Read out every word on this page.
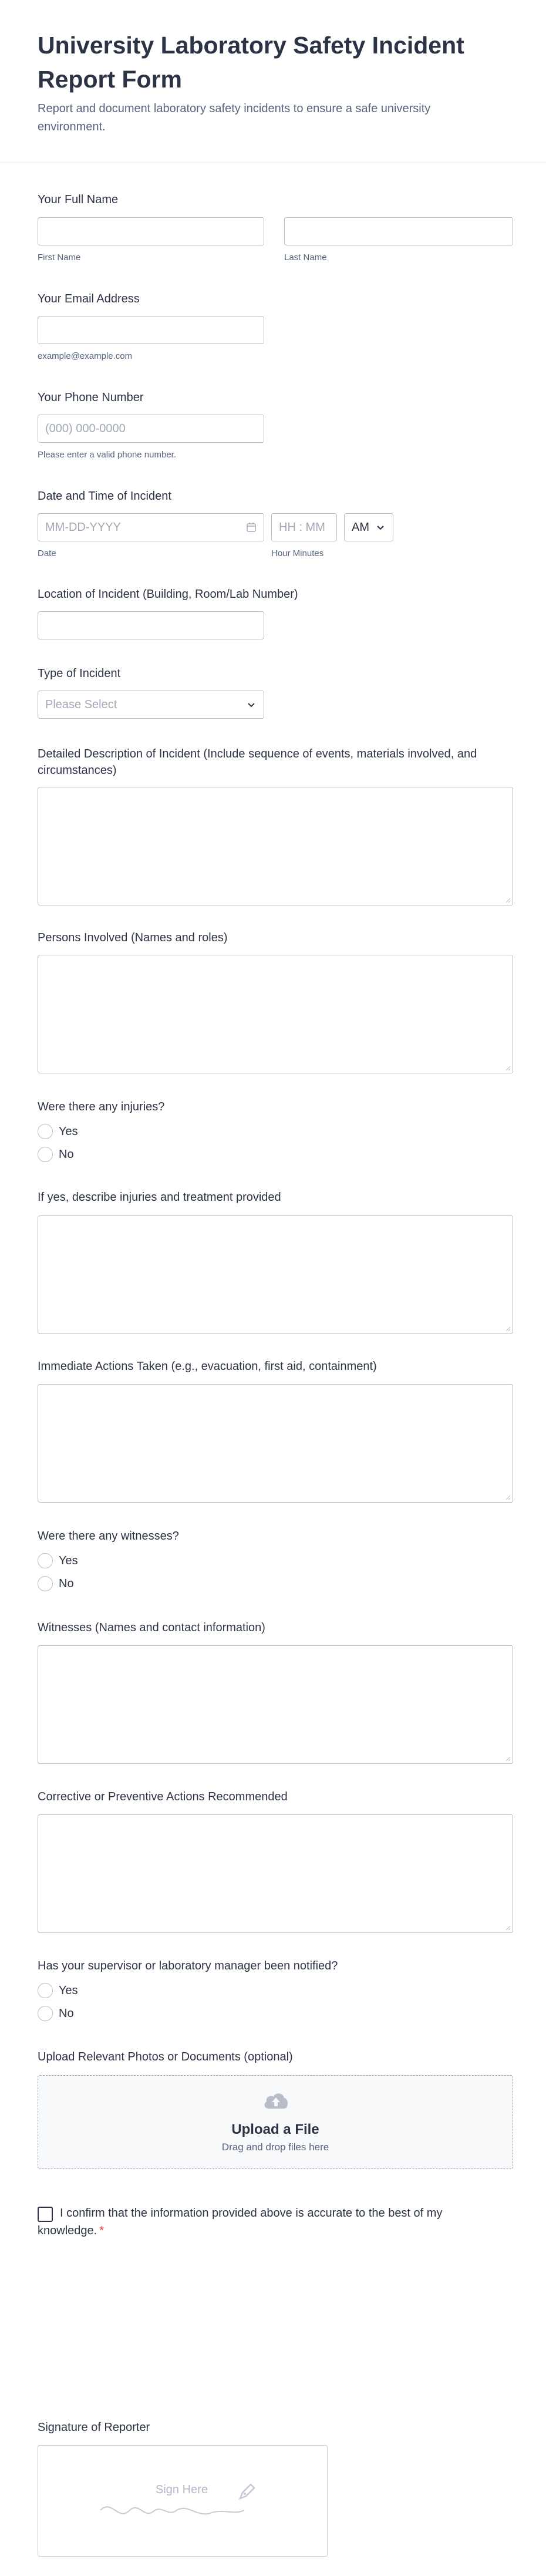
University Laboratory Safety Incident Report Form

Report and document laboratory safety incidents to ensure a safe university environment.

Your Full Name
First Name	Last Name
Your Email Address
example@example.com
Your Phone Number
(000) 000-0000
Please enter a valid phone number.
Date and Time of Incident
MM-DD-YYYY	HH : MM AM
Date	Hour Minutes
Location of Incident (Building, Room/Lab Number)
Type of Incident
Please Select
Detailed Description of Incident (Include sequence of events, materials involved, and circumstances)
Persons Involved (Names and roles)
Were there any injuries?
Yes
No
If yes, describe injuries and treatment provided
Immediate Actions Taken (e.g., evacuation, first aid, containment)
Were there any witnesses?
Yes
No
Witnesses (Names and contact information)
Corrective or Preventive Actions Recommended
Has your supervisor or laboratory manager been notified?
Yes
No
Upload Relevant Photos or Documents (optional)
Upload a File
Drag and drop files here
I confirm that the information provided above is accurate to the best of my knowledge. *
Signature of Reporter
Sign Here
